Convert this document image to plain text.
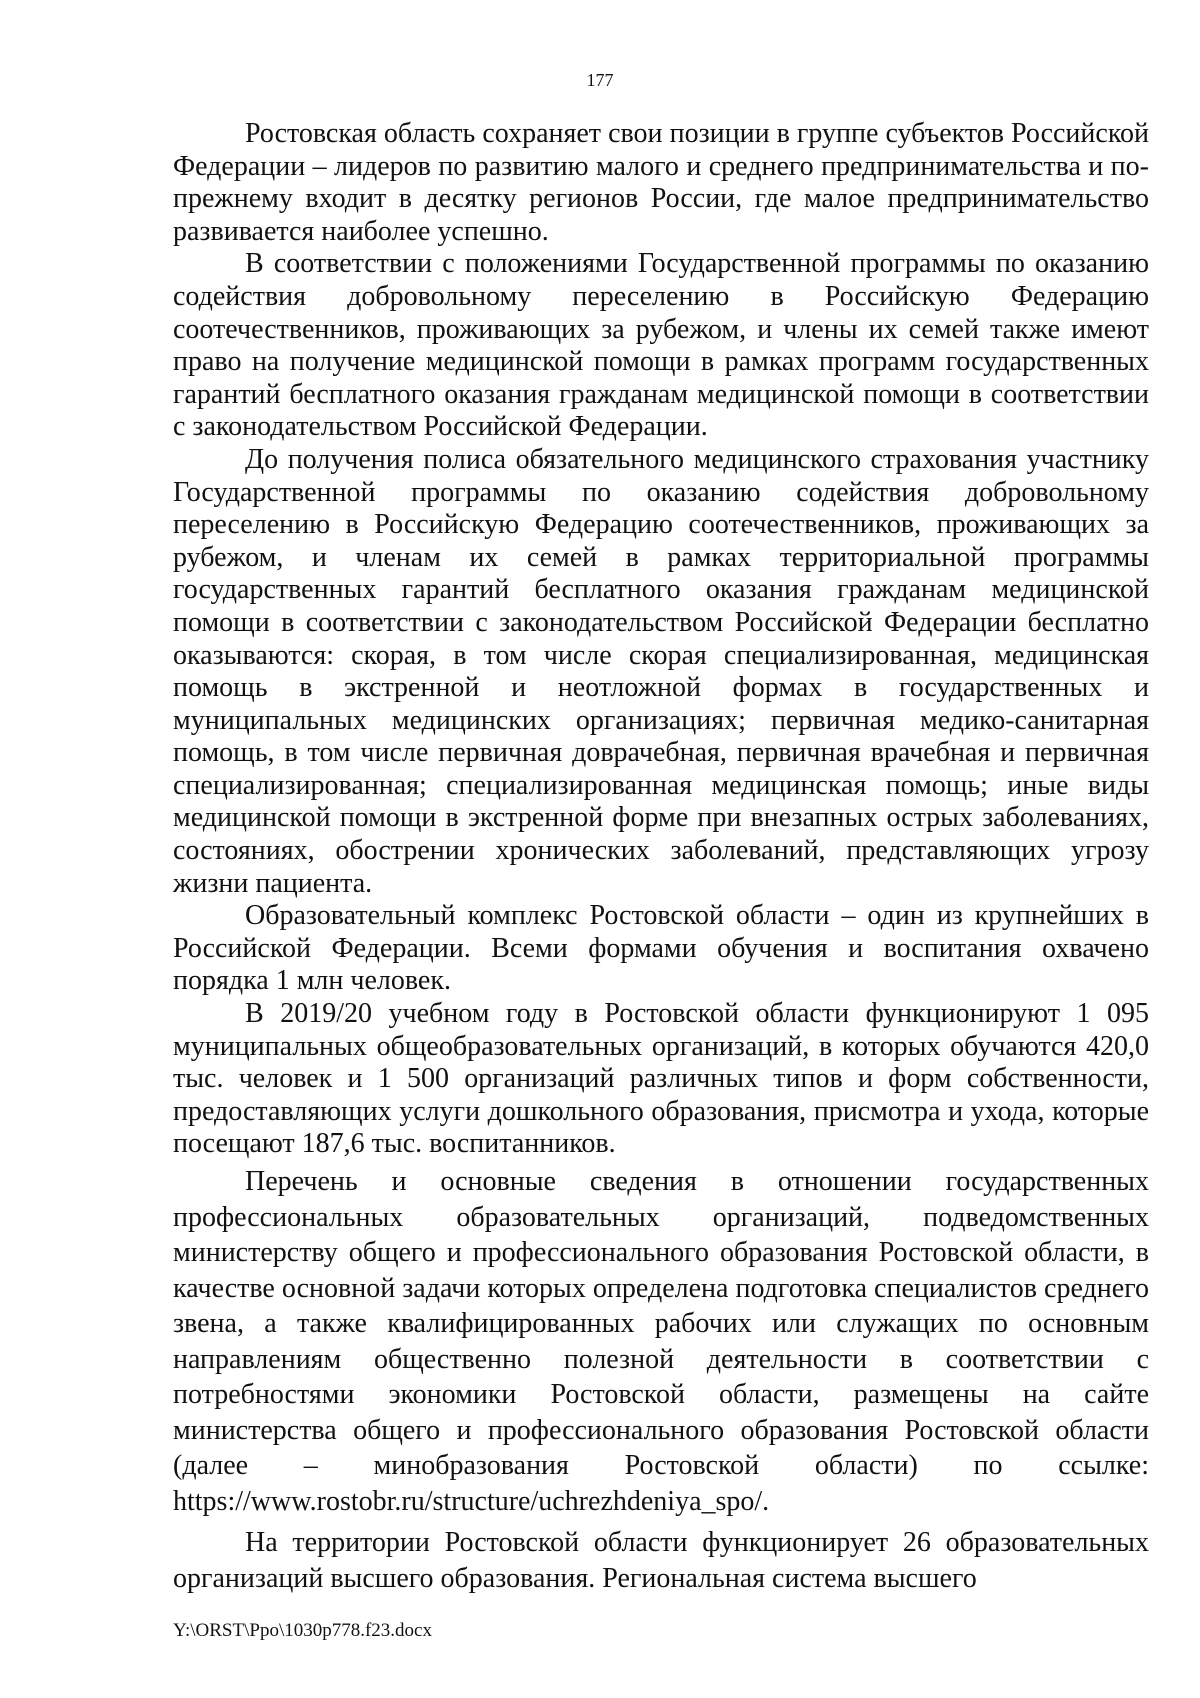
177

Ростовская область сохраняет свои позиции в группе субъектов Российской Федерации – лидеров по развитию малого и среднего предпринимательства и по-прежнему входит в десятку регионов России, где малое предпринимательство развивается наиболее успешно.

В соответствии с положениями Государственной программы по оказанию содействия добровольному переселению в Российскую Федерацию соотечественников, проживающих за рубежом, и члены их семей также имеют право на получение медицинской помощи в рамках программ государственных гарантий бесплатного оказания гражданам медицинской помощи в соответствии с законодательством Российской Федерации.

До получения полиса обязательного медицинского страхования участнику Государственной программы по оказанию содействия добровольному переселению в Российскую Федерацию соотечественников, проживающих за рубежом, и членам их семей в рамках территориальной программы государственных гарантий бесплатного оказания гражданам медицинской помощи в соответствии с законодательством Российской Федерации бесплатно оказываются: скорая, в том числе скорая специализированная, медицинская помощь в экстренной и неотложной формах в государственных и муниципальных медицинских организациях; первичная медико-санитарная помощь, в том числе первичная доврачебная, первичная врачебная и первичная специализированная; специализированная медицинская помощь; иные виды медицинской помощи в экстренной форме при внезапных острых заболеваниях, состояниях, обострении хронических заболеваний, представляющих угрозу жизни пациента.

Образовательный комплекс Ростовской области – один из крупнейших в Российской Федерации. Всеми формами обучения и воспитания охвачено порядка 1 млн человек.

В 2019/20 учебном году в Ростовской области функционируют 1 095 муниципальных общеобразовательных организаций, в которых обучаются 420,0 тыс. человек и 1 500 организаций различных типов и форм собственности, предоставляющих услуги дошкольного образования, присмотра и ухода, которые посещают 187,6 тыс. воспитанников.

Перечень и основные сведения в отношении государственных профессиональных образовательных организаций, подведомственных министерству общего и профессионального образования Ростовской области, в качестве основной задачи которых определена подготовка специалистов среднего звена, а также квалифицированных рабочих или служащих по основным направлениям общественно полезной деятельности в соответствии с потребностями экономики Ростовской области, размещены на сайте министерства общего и профессионального образования Ростовской области (далее – минобразования Ростовской области) по ссылке: https://www.rostobr.ru/structure/uchrezhdeniya_spo/.

На территории Ростовской области функционирует 26 образовательных организаций высшего образования. Региональная система высшего

Y:\ORST\Ppo\1030p778.f23.docx
